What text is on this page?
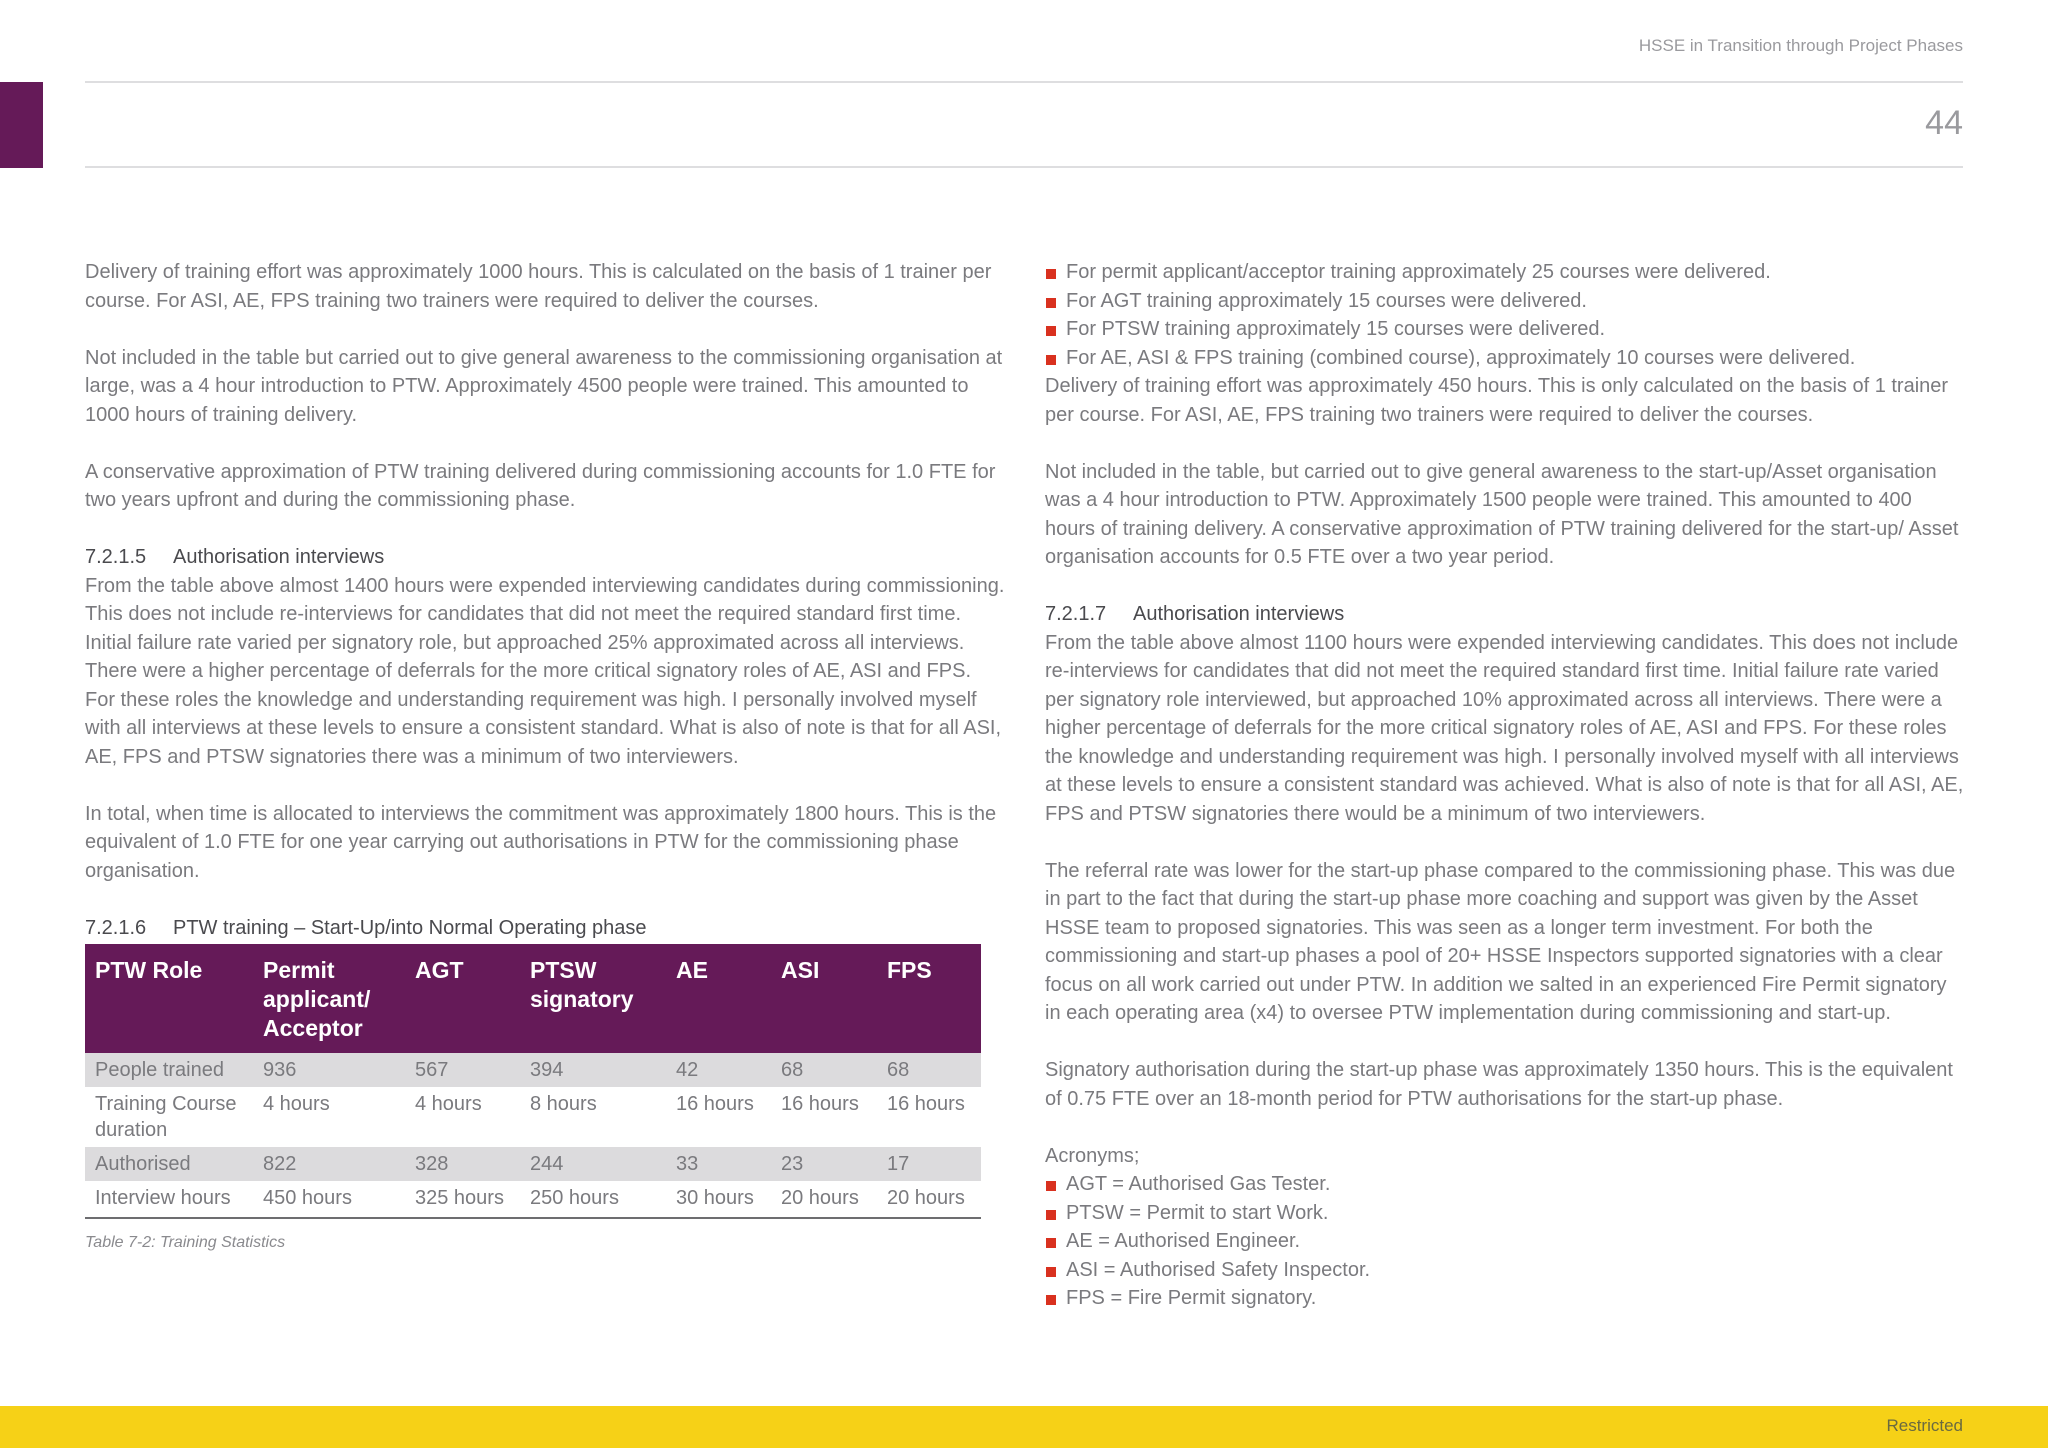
HSSE in Transition through Project Phases
44

Delivery of training effort was approximately 1000 hours. This is calculated on the basis of 1 trainer per course. For ASI, AE, FPS training two trainers were required to deliver the courses.

Not included in the table but carried out to give general awareness to the commissioning organisation at large, was a 4 hour introduction to PTW. Approximately 4500 people were trained. This amounted to 1000 hours of training delivery.

A conservative approximation of PTW training delivered during commissioning accounts for 1.0 FTE for two years upfront and during the commissioning phase.

7.2.1.5 Authorisation interviews

From the table above almost 1400 hours were expended interviewing candidates during commissioning. This does not include re-interviews for candidates that did not meet the required standard first time. Initial failure rate varied per signatory role, but approached 25% approximated across all interviews. There were a higher percentage of deferrals for the more critical signatory roles of AE, ASI and FPS. For these roles the knowledge and understanding requirement was high. I personally involved myself with all interviews at these levels to ensure a consistent standard. What is also of note is that for all ASI, AE, FPS and PTSW signatories there was a minimum of two interviewers.

In total, when time is allocated to interviews the commitment was approximately 1800 hours. This is the equivalent of 1.0 FTE for one year carrying out authorisations in PTW for the commissioning phase organisation.

7.2.1.6 PTW training – Start-Up/into Normal Operating phase
PTW Role	Permit applicant/ Acceptor	AGT	PTSW signatory	AE	ASI	FPS
People trained	936	567	394	42	68	68
Training Course duration	4 hours	4 hours	8 hours	16 hours	16 hours	16 hours
Authorised	822	328	244	33	23	17
Interview hours	450 hours	325 hours	250 hours	30 hours	20 hours	20 hours
Table 7-2: Training Statistics
For permit applicant/acceptor training approximately 25 courses were delivered.
For AGT training approximately 15 courses were delivered.
For PTSW training approximately 15 courses were delivered.
For AE, ASI & FPS training (combined course), approximately 10 courses were delivered.

Delivery of training effort was approximately 450 hours. This is only calculated on the basis of 1 trainer per course. For ASI, AE, FPS training two trainers were required to deliver the courses.

Not included in the table, but carried out to give general awareness to the start-up/Asset organisation was a 4 hour introduction to PTW. Approximately 1500 people were trained. This amounted to 400 hours of training delivery. A conservative approximation of PTW training delivered for the start-up/ Asset organisation accounts for 0.5 FTE over a two year period.

7.2.1.7 Authorisation interviews

From the table above almost 1100 hours were expended interviewing candidates. This does not include re-interviews for candidates that did not meet the required standard first time. Initial failure rate varied per signatory role interviewed, but approached 10% approximated across all interviews. There were a higher percentage of deferrals for the more critical signatory roles of AE, ASI and FPS. For these roles the knowledge and understanding requirement was high. I personally involved myself with all interviews at these levels to ensure a consistent standard was achieved. What is also of note is that for all ASI, AE, FPS and PTSW signatories there would be a minimum of two interviewers.

The referral rate was lower for the start-up phase compared to the commissioning phase. This was due in part to the fact that during the start-up phase more coaching and support was given by the Asset HSSE team to proposed signatories. This was seen as a longer term investment. For both the commissioning and start-up phases a pool of 20+ HSSE Inspectors supported signatories with a clear focus on all work carried out under PTW. In addition we salted in an experienced Fire Permit signatory in each operating area (x4) to oversee PTW implementation during commissioning and start-up.

Signatory authorisation during the start-up phase was approximately 1350 hours. This is the equivalent of 0.75 FTE over an 18-month period for PTW authorisations for the start-up phase.

Acronyms;
AGT = Authorised Gas Tester.
PTSW = Permit to start Work.
AE = Authorised Engineer.
ASI = Authorised Safety Inspector.
FPS = Fire Permit signatory.
Restricted
